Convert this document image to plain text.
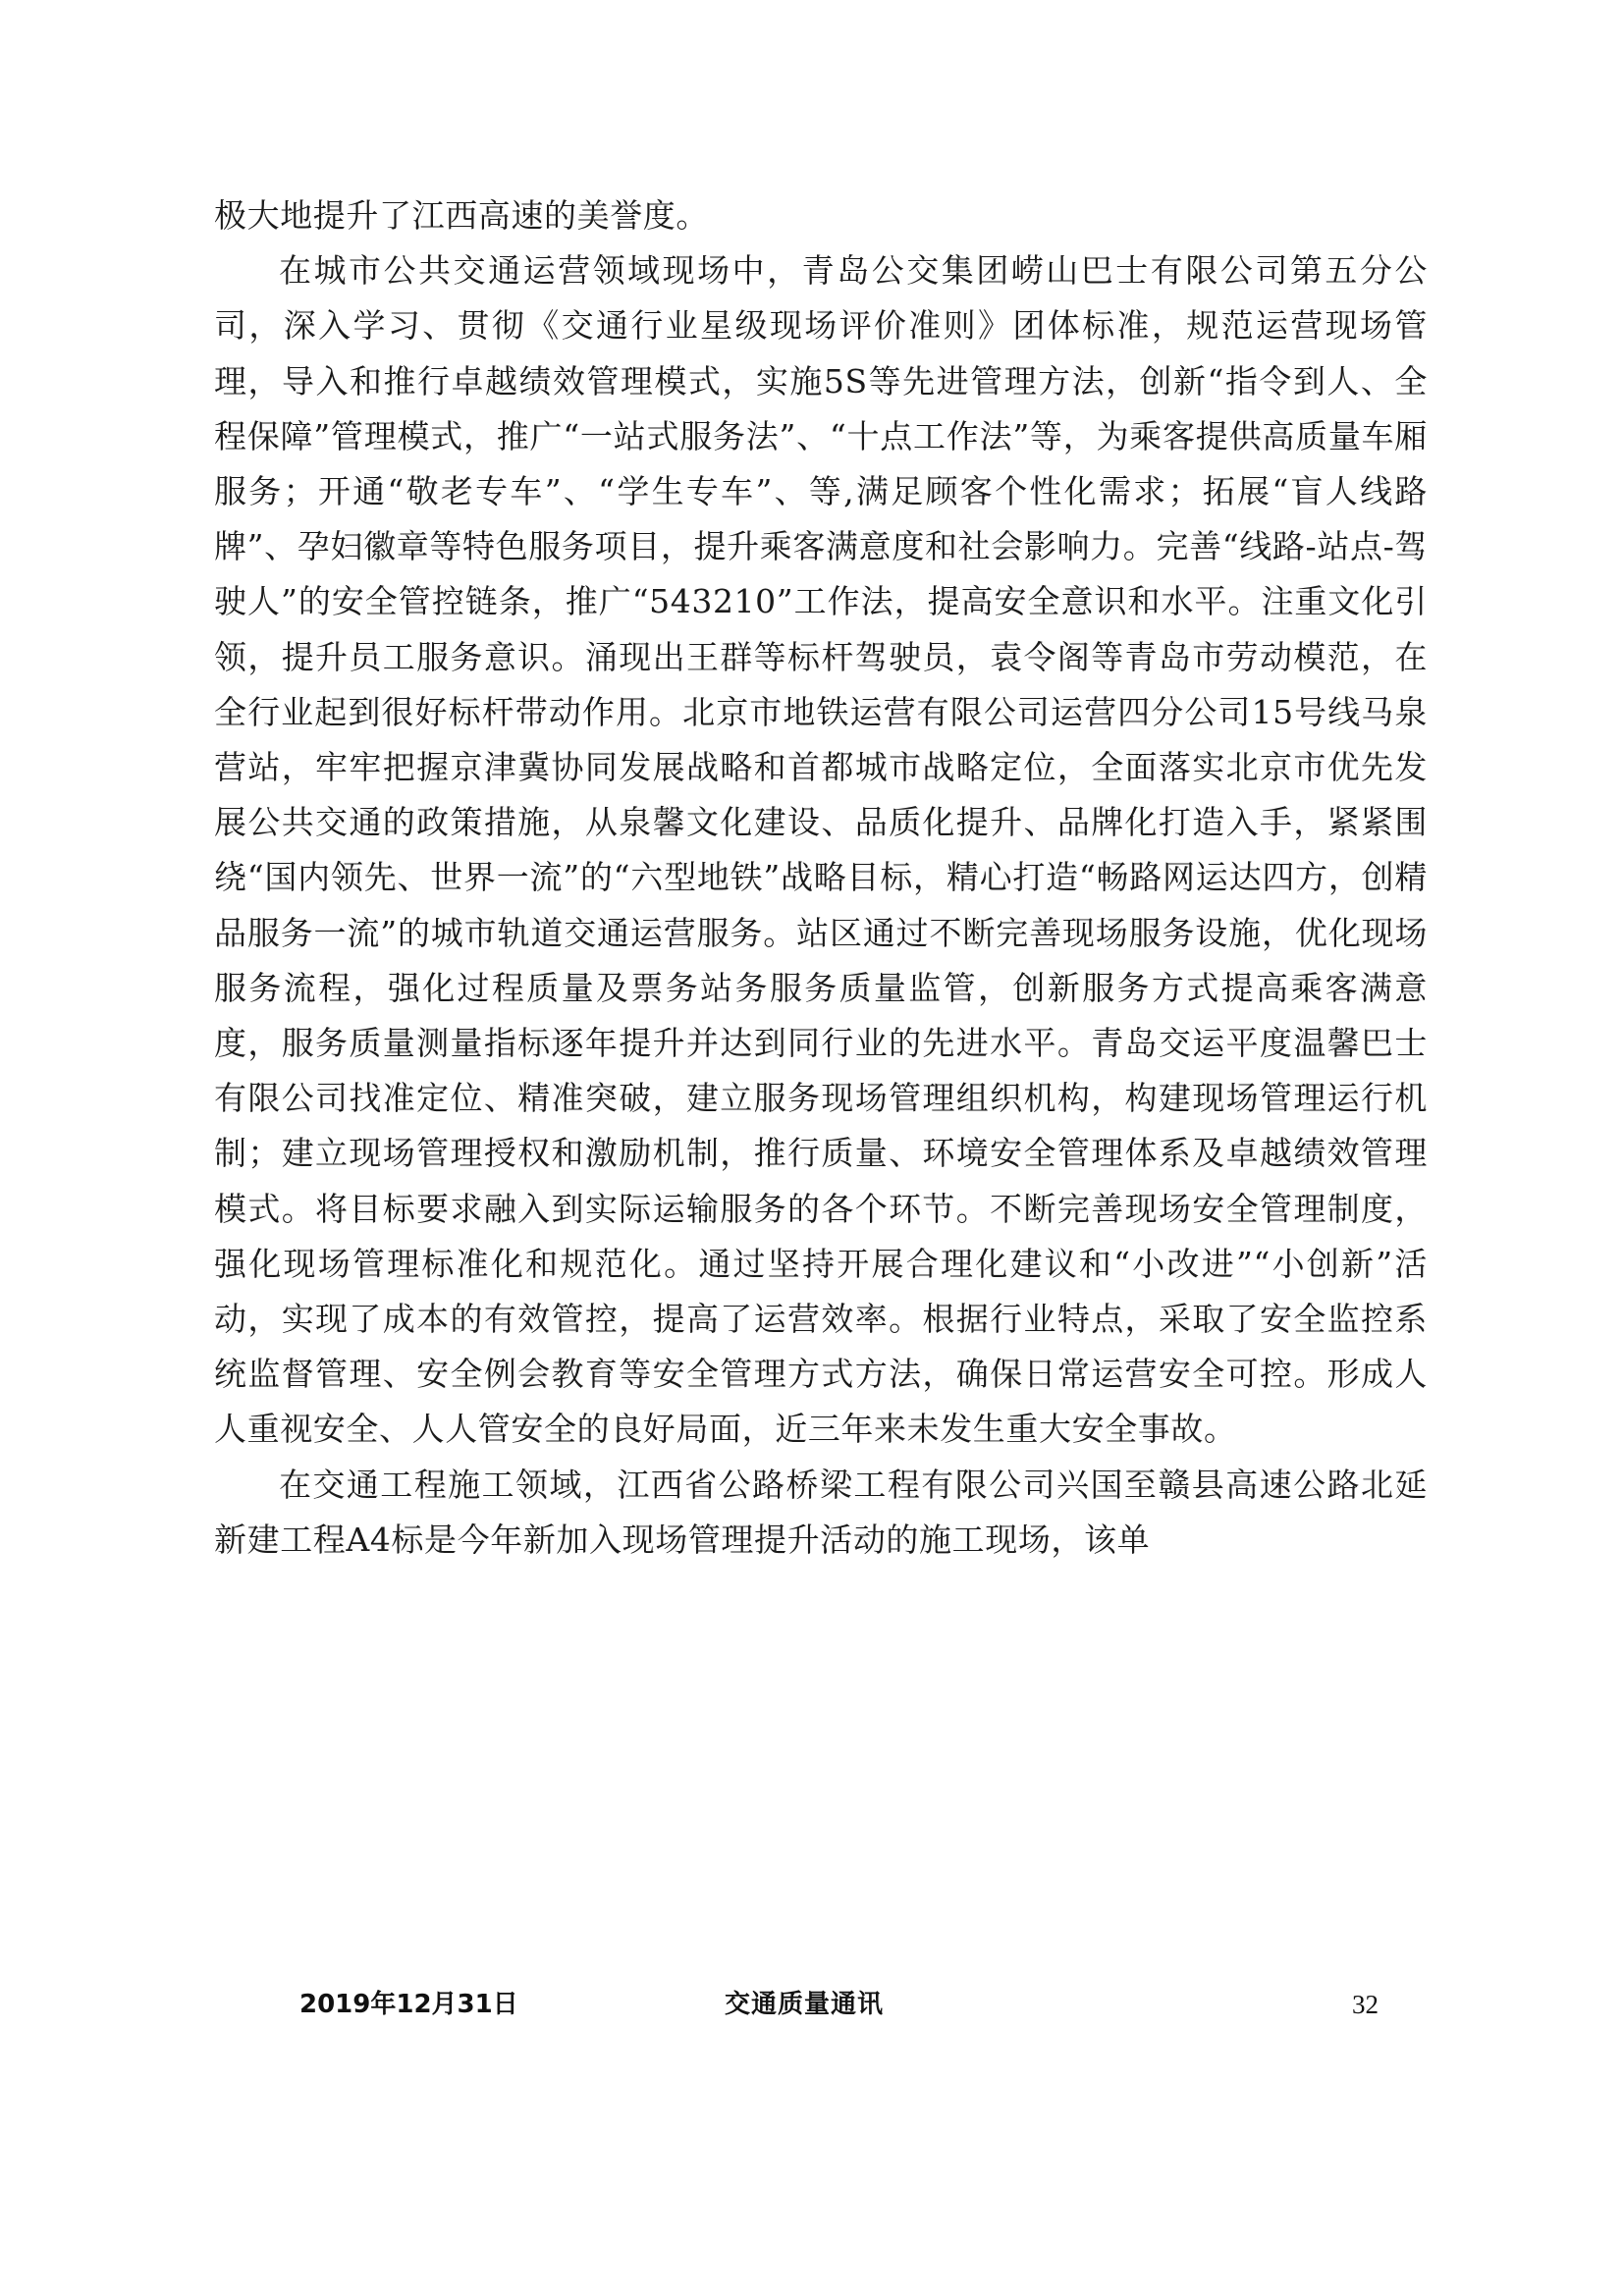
极大地提升了江西高速的美誉度。

在城市公共交通运营领域现场中，青岛公交集团崂山巴士有限公司第五分公司，深入学习、贯彻《交通行业星级现场评价准则》团体标准，规范运营现场管理，导入和推行卓越绩效管理模式，实施5S等先进管理方法，创新“指令到人、全程保障”管理模式，推广“一站式服务法”、“十点工作法”等，为乘客提供高质量车厢服务；开通“敬老专车”、“学生专车”、等,满足顾客个性化需求；拓展“盲人线路牌”、孕妇徽章等特色服务项目，提升乘客满意度和社会影响力。完善“线路-站点-驾驶人”的安全管控链条，推广“543210”工作法，提高安全意识和水平。注重文化引领，提升员工服务意识。涌现出王群等标杆驾驶员，袁令阁等青岛市劳动模范，在全行业起到很好标杆带动作用。北京市地铁运营有限公司运营四分公司15号线马泉营站，牢牢把握京津冀协同发展战略和首都城市战略定位，全面落实北京市优先发展公共交通的政策措施，从泉馨文化建设、品质化提升、品牌化打造入手，紧紧围绕“国内领先、世界一流”的“六型地铁”战略目标，精心打造“畅路网运达四方，创精品服务一流”的城市轨道交通运营服务。站区通过不断完善现场服务设施，优化现场服务流程，强化过程质量及票务站务服务质量监管，创新服务方式提高乘客满意度，服务质量测量指标逐年提升并达到同行业的先进水平。青岛交运平度温馨巴士有限公司找准定位、精准突破，建立服务现场管理组织机构，构建现场管理运行机制；建立现场管理授权和激励机制，推行质量、环境安全管理体系及卓越绩效管理模式。将目标要求融入到实际运输服务的各个环节。不断完善现场安全管理制度，强化现场管理标准化和规范化。通过坚持开展合理化建议和“小改进”“小创新”活动，实现了成本的有效管控，提高了运营效率。根据行业特点，采取了安全监控系统监督管理、安全例会教育等安全管理方式方法，确保日常运营安全可控。形成人人重视安全、人人管安全的良好局面，近三年来未发生重大安全事故。

在交通工程施工领域，江西省公路桥梁工程有限公司兴国至赣县高速公路北延新建工程A4标是今年新加入现场管理提升活动的施工现场，该单

2019年12月31日	交通质量通讯	32
